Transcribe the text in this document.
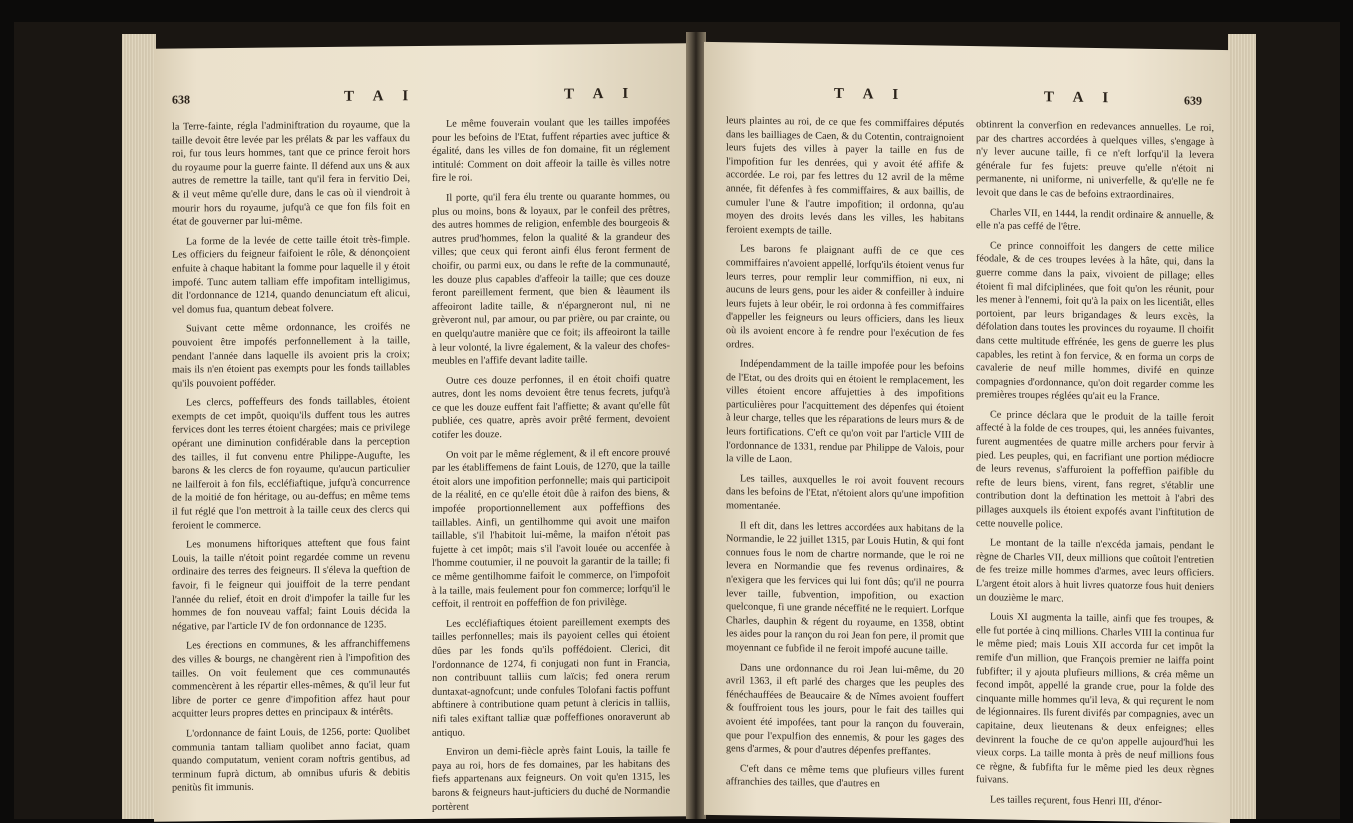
638	T A I	T A I

la Terre-fainte, régla l'adminiftration du royaume, que la taille devoit être levée par les prélats & par les vaffaux du roi, fur tous leurs hommes, tant que ce prince feroit hors du royaume pour la guerre fainte. Il défend aux uns & aux autres de remettre la taille, tant qu'il fera in fervitio Dei, & il veut même qu'elle dure, dans le cas où il viendroit à mourir hors du royaume, jufqu'à ce que fon fils foit en état de gouverner par lui-même.

La forme de la levée de cette taille étoit très-fimple. Les officiers du feigneur faifoient le rôle, & dénonçoient enfuite à chaque habitant la fomme pour laquelle il y étoit impofé. Tunc autem talliam effe impofitam intelligimus, dit l'ordonnance de 1214, quando denunciatum eft alicui, vel domus fua, quantum debeat folvere.

Suivant cette même ordonnance, les croifés ne pouvoient être impofés perfonnellement à la taille, pendant l'année dans laquelle ils avoient pris la croix; mais ils n'en étoient pas exempts pour les fonds taillables qu'ils pouvoient pofféder.

Les clercs, poffeffeurs des fonds taillables, étoient exempts de cet impôt, quoiqu'ils duffent tous les autres fervices dont les terres étoient chargées; mais ce privilege opérant une diminution confidérable dans la perception des tailles, il fut convenu entre Philippe-Augufte, les barons & les clercs de fon royaume, qu'aucun particulier ne lailferoit à fon fils, eccléfiaftique, jufqu'à concurrence de la moitié de fon héritage, ou au-deffus; en même tems il fut réglé que l'on mettroit à la taille ceux des clercs qui feroient le commerce.

Les monumens hiftoriques atteftent que fous faint Louis, la taille n'étoit point regardée comme un revenu ordinaire des terres des feigneurs. Il s'éleva la queftion de favoir, fi le feigneur qui jouiffoit de la terre pendant l'année du relief, étoit en droit d'impofer la taille fur les hommes de fon nouveau vaffal; faint Louis décida la négative, par l'article IV de fon ordonnance de 1235.

Les érections en communes, & les affranchiffemens des villes & bourgs, ne changèrent rien à l'impofition des tailles. On voit feulement que ces communautés commencèrent à les répartir elles-mêmes, & qu'il leur fut libre de porter ce genre d'impofition affez haut pour acquitter leurs propres dettes en principaux & intérêts.

L'ordonnance de faint Louis, de 1256, porte: Quolibet communia tantam talliam quolibet anno faciat, quam quando computatum, venient coram noftris gentibus, ad terminum fuprà dictum, ab omnibus ufuris & debitis penitùs fit immunis.

Le même fouverain voulant que les tailles impofées pour les befoins de l'Etat, fuffent réparties avec juftice & égalité, dans les villes de fon domaine, fit un réglement intitulé: Comment on doit affeoir la taille ès villes notre fire le roi.

Il porte, qu'il fera élu trente ou quarante hommes, ou plus ou moins, bons & loyaux, par le confeil des prêtres, des autres hommes de religion, enfemble des bourgeois & autres prud'hommes, felon la qualité & la grandeur des villes; que ceux qui feront ainfi élus feront ferment de choifir, ou parmi eux, ou dans le refte de la communauté, les douze plus capables d'affeoir la taille; que ces douze feront pareillement ferment, que bien & lèaument ils affeoiront ladite taille, & n'épargneront nul, ni ne grèveront nul, par amour, ou par prière, ou par crainte, ou en quelqu'autre manière que ce foit; ils affeoiront la taille à leur volonté, la livre également, & la valeur des chofes-meubles en l'affife devant ladite taille.

Outre ces douze perfonnes, il en étoit choifi quatre autres, dont les noms devoient être tenus fecrets, jufqu'à ce que les douze euffent fait l'affiette; & avant qu'elle fût publiée, ces quatre, après avoir prêté ferment, devoient cotifer les douze.

On voit par le même réglement, & il eft encore prouvé par les établiffemens de faint Louis, de 1270, que la taille étoit alors une impofition perfonnelle; mais qui participoit de la réalité, en ce qu'elle étoit dûe à raifon des biens, & impofée proportionnellement aux poffeffions des taillables. Ainfi, un gentilhomme qui avoit une maifon taillable, s'il l'habitoit lui-même, la maifon n'étoit pas fujette à cet impôt; mais s'il l'avoit louée ou accenfée à l'homme coutumier, il ne pouvoit la garantir de la taille; fi ce même gentilhomme faifoit le commerce, on l'impofoit à la taille, mais feulement pour fon commerce; lorfqu'il le ceffoit, il rentroit en poffeffion de fon privilège.

Les eccléfiaftiques étoient pareillement exempts des tailles perfonnelles; mais ils payoient celles qui étoient dûes par les fonds qu'ils poffédoient. Clerici, dit l'ordonnance de 1274, fi conjugati non funt in Francia, non contribuunt talliis cum laïcis; fed onera rerum duntaxat-agnofcunt; unde confules Tolofani factis poffunt abftinere à contributione quam petunt à clericis in talliis, nifi tales exiftant talliæ quæ poffeffiones onoraverunt ab antiquo.

Environ un demi-fiècle après faint Louis, la taille fe paya au roi, hors de fes domaines, par les habitans des fiefs appartenans aux feigneurs. On voit qu'en 1315, les barons & feigneurs haut-jufticiers du duché de Normandie portèrent

T A I	T A I	639

leurs plaintes au roi, de ce que fes commiffaires députés dans les bailliages de Caen, & du Cotentin, contraignoient leurs fujets des villes à payer la taille en fus de l'impofition fur les denrées, qui y avoit été affife & accordée. Le roi, par fes lettres du 12 avril de la même année, fit défenfes à fes commiffaires, & aux baillis, de cumuler l'une & l'autre impofition; il ordonna, qu'au moyen des droits levés dans les villes, les habitans feroient exempts de taille.

Les barons fe plaignant auffi de ce que ces commiffaires n'avoient appellé, lorfqu'ils étoient venus fur leurs terres, pour remplir leur commiffion, ni eux, ni aucuns de leurs gens, pour les aider & confeiller à induire leurs fujets à leur obéir, le roi ordonna à fes commiffaires d'appeller les feigneurs ou leurs officiers, dans les lieux où ils avoient encore à fe rendre pour l'exécution de fes ordres.

Indépendamment de la taille impofée pour les befoins de l'Etat, ou des droits qui en étoient le remplacement, les villes étoient encore affujetties à des impofitions particulières pour l'acquittement des dépenfes qui étoient à leur charge, telles que les réparations de leurs murs & de leurs fortifications. C'eft ce qu'on voit par l'article VIII de l'ordonnance de 1331, rendue par Philippe de Valois, pour la ville de Laon.

Les tailles, auxquelles le roi avoit fouvent recours dans les befoins de l'Etat, n'étoient alors qu'une impofition momentanée.

Il eft dit, dans les lettres accordées aux habitans de la Normandie, le 22 juillet 1315, par Louis Hutin, & qui font connues fous le nom de chartre normande, que le roi ne levera en Normandie que fes revenus ordinaires, & n'exigera que les fervices qui lui font dûs; qu'il ne pourra lever taille, fubvention, impofition, ou exaction quelconque, fi une grande néceffité ne le requiert. Lorfque Charles, dauphin & régent du royaume, en 1358, obtint les aides pour la rançon du roi Jean fon pere, il promit que moyennant ce fubfide il ne feroit impofé aucune taille.

Dans une ordonnance du roi Jean lui-même, du 20 avril 1363, il eft parlé des charges que les peuples des fénéchauffées de Beaucaire & de Nîmes avoient fouffert & fouffroient tous les jours, pour le fait des tailles qui avoient été impofées, tant pour la rançon du fouverain, que pour l'expulfion des ennemis, & pour les gages des gens d'armes, & pour d'autres dépenfes preffantes.

C'eft dans ce même tems que plufieurs villes furent affranchies des tailles, que d'autres en

obtinrent la converfion en redevances annuelles. Le roi, par des chartres accordées à quelques villes, s'engage à n'y lever aucune taille, fi ce n'eft lorfqu'il la levera générale fur fes fujets: preuve qu'elle n'étoit ni permanente, ni uniforme, ni univerfelle, & qu'elle ne fe levoit que dans le cas de befoins extraordinaires.

Charles VII, en 1444, la rendit ordinaire & annuelle, & elle n'a pas ceffé de l'être.

Ce prince connoiffoit les dangers de cette milice féodale, & de ces troupes levées à la hâte, qui, dans la guerre comme dans la paix, vivoient de pillage; elles étoient fi mal difciplinées, que foit qu'on les réunit, pour les mener à l'ennemi, foit qu'à la paix on les licentiât, elles portoient, par leurs brigandages & leurs excès, la défolation dans toutes les provinces du royaume. Il choifit dans cette multitude effrénée, les gens de guerre les plus capables, les retint à fon fervice, & en forma un corps de cavalerie de neuf mille hommes, divifé en quinze compagnies d'ordonnance, qu'on doit regarder comme les premières troupes réglées qu'ait eu la France.

Ce prince déclara que le produit de la taille feroit affecté à la folde de ces troupes, qui, les années fuivantes, furent augmentées de quatre mille archers pour fervir à pied. Les peuples, qui, en facrifiant une portion médiocre de leurs revenus, s'affuroient la poffeffion paifible du refte de leurs biens, virent, fans regret, s'établir une contribution dont la deftination les mettoit à l'abri des pillages auxquels ils étoient expofés avant l'inftitution de cette nouvelle police.

Le montant de la taille n'excéda jamais, pendant le règne de Charles VII, deux millions que coûtoit l'entretien de fes treize mille hommes d'armes, avec leurs officiers. L'argent étoit alors à huit livres quatorze fous huit deniers un douzième le marc.

Louis XI augmenta la taille, ainfi que fes troupes, & elle fut portée à cinq millions. Charles VIII la continua fur le même pied; mais Louis XII accorda fur cet impôt la remife d'un million, que François premier ne laiffa point fubfifter; il y ajouta plufieurs millions, & créa même un fecond impôt, appellé la grande crue, pour la folde des cinquante mille hommes qu'il leva, & qui reçurent le nom de légionnaires. Ils furent divifés par compagnies, avec un capitaine, deux lieutenans & deux enfeignes; elles devinrent la fouche de ce qu'on appelle aujourd'hui les vieux corps. La taille monta à près de neuf millions fous ce règne, & fubfifta fur le même pied les deux règnes fuivans.

Les tailles reçurent, fous Henri III, d'énor-
